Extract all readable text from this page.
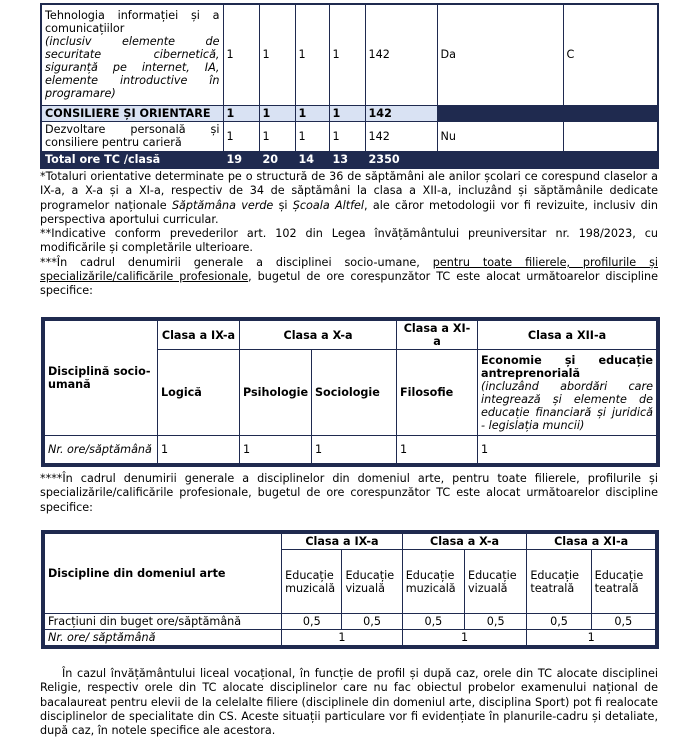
Tehnologia informației și a comunicațiilor
(inclusiv elemente de securitate cibernetică, siguranță pe internet, IA, elemente introductive în programare)	1	1	1	1	142	Da	C
CONSILIERE ȘI ORIENTARE	1	1	1	1	142		
Dezvoltare personală și consiliere pentru carieră	1	1	1	1	142	Nu	
Total ore TC /clasă	19	20	14	13	2350		

*Totaluri orientative determinate pe o structură de 36 de săptămâni ale anilor școlari ce corespund claselor a IX-a, a X-a și a XI-a, respectiv de 34 de săptămâni la clasa a XII-a, incluzând și săptămânile dedicate programelor naționale Săptămâna verde și Școala Altfel, ale căror metodologii vor fi revizuite, inclusiv din perspectiva aportului curricular.

**Indicative conform prevederilor art. 102 din Legea învățământului preuniversitar nr. 198/2023, cu modificările și completările ulterioare.

***În cadrul denumirii generale a disciplinei socio-umane, pentru toate filierele, profilurile și specializările/calificările profesionale, bugetul de ore corespunzător TC este alocat următoarelor discipline specifice:

Disciplină socio-umană	Clasa a IX-a	Clasa a X-a		Clasa a XI-a	Clasa a XII-a
	Logică	Psihologie	Sociologie	Filosofie	Economie și educație antreprenorială
(incluzând abordări care integrează și elemente de educație financiară și juridică - legislația muncii)

Nr. ore/săptămână	1	1	1	1	1
****În cadrul denumirii generale a disciplinelor din domeniul arte, pentru toate filierele, profilurile și specializările/calificările profesionale, bugetul de ore corespunzător TC este alocat următoarelor discipline specifice:
Discipline din domeniul arte	Clasa a IX-a		Clasa a X-a		Clasa a XI-a	
	Educație muzicală	Educație vizuală	Educație muzicală	Educație vizuală	Educație teatrală	Educație teatrală
Fracțiuni din buget ore/săptămână	0,5	0,5	0,5	0,5	0,5	0,5
Nr. ore/ săptămână	1		1		1	
În cazul învățământului liceal vocațional, în funcție de profil și după caz, orele din TC alocate disciplinei Religie, respectiv orele din TC alocate disciplinelor care nu fac obiectul probelor examenului național de bacalaureat pentru elevii de la celelalte filiere (disciplinele din domeniul arte, disciplina Sport) pot fi realocate disciplinelor de specialitate din CS. Aceste situații particulare vor fi evidențiate în planurile-cadru și detaliate, după caz, în notele specifice ale acestora.
